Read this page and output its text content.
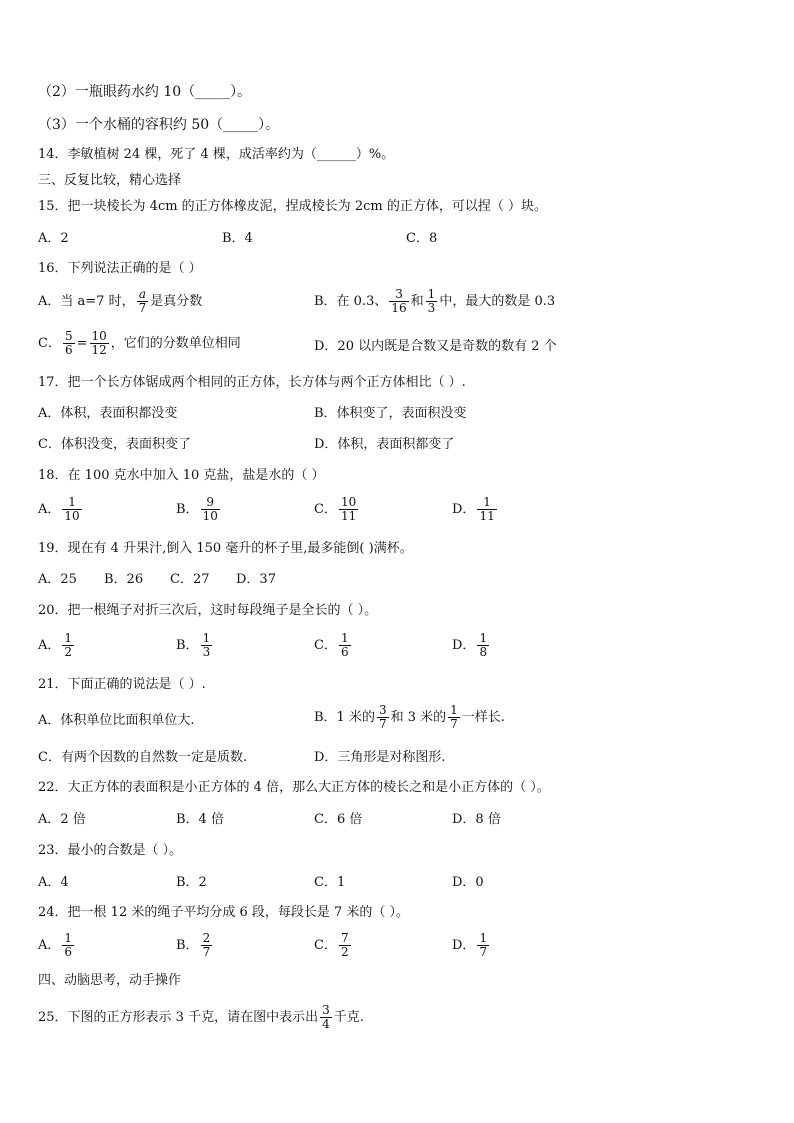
（2）一瓶眼药水约 10（_____）。
（3）一个水桶的容积约 50（_____）。
14．李敏植树 24 棵，死了 4 棵，成活率约为（______）%。
三、反复比较，精心选择
15．把一块棱长为 4cm 的正方体橡皮泥，捏成棱长为 2cm 的正方体，可以捏（ ）块。
A．2	B．4	C．8
16．下列说法正确的是（ ）
A．当 a=7 时， $\frac{a}{7}$ 是真分数	B．在 0.3、 $\frac{3}{16}$ 和 $\frac{1}{3}$ 中，最大的数是 0.3
C． $\frac{5}{6} = \frac{10}{12}$ ，它们的分数单位相同	D．20 以内既是合数又是奇数的数有 2 个
17．把一个长方体锯成两个相同的正方体，长方体与两个正方体相比（ ）.
A．体积，表面积都没变	B．体积变了，表面积没变
C．体积没变，表面积变了	D．体积，表面积都变了
18．在 100 克水中加入 10 克盐，盐是水的（ ）
A． $\frac{1}{10}$	B． $\frac{9}{10}$	C． $\frac{10}{11}$	D． $\frac{1}{11}$
19．现在有 4 升果汁,倒入 150 毫升的杯子里,最多能倒( )满杯。
A．25 B．26 C．27 D．37
20．把一根绳子对折三次后，这时每段绳子是全长的（ ）。
A． $\frac{1}{2}$	B． $\frac{1}{3}$	C． $\frac{1}{6}$	D． $\frac{1}{8}$
21．下面正确的说法是（ ）.
A．体积单位比面积单位大.	B．1 米的 $\frac{3}{7}$ 和 3 米的 $\frac{1}{7}$ 一样长.
C．有两个因数的自然数一定是质数.	D．三角形是对称图形.
22．大正方体的表面积是小正方体的 4 倍，那么大正方体的棱长之和是小正方体的（ ）。
A．2 倍	B．4 倍	C．6 倍	D．8 倍
23．最小的合数是（ ）。
A．4	B．2	C．1	D．0
24．把一根 12 米的绳子平均分成 6 段，每段长是 7 米的（ ）。
A． $\frac{1}{6}$	B． $\frac{2}{7}$	C． $\frac{7}{2}$	D． $\frac{1}{7}$
四、动脑思考，动手操作
25．下图的正方形表示 3 千克，请在图中表示出 $\frac{3}{4}$ 千克.
